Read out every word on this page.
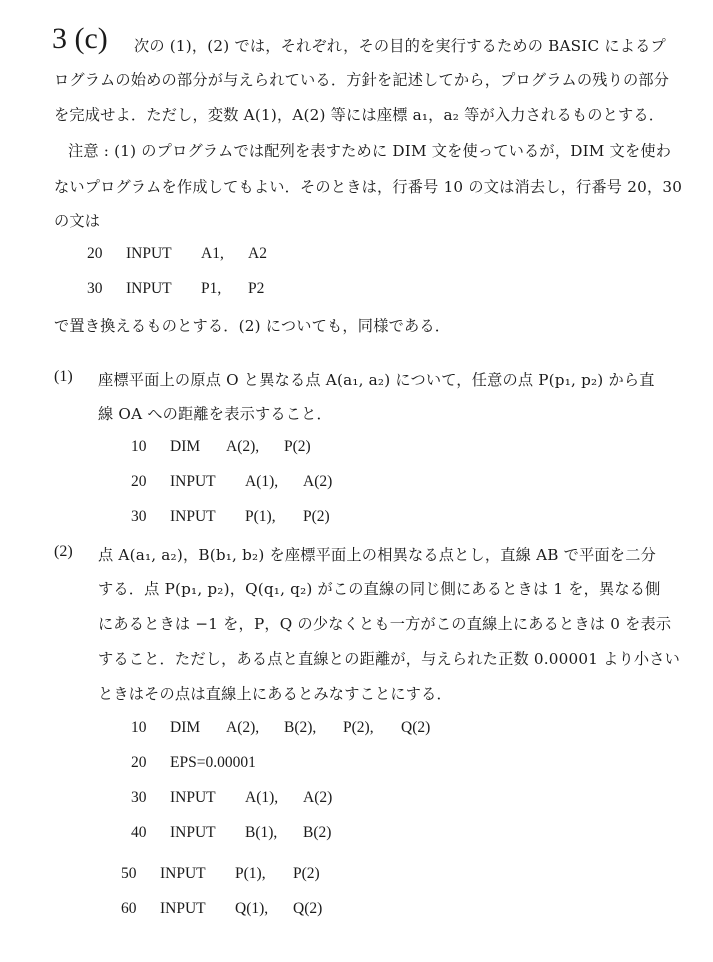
3 (c) 次の (1)，(2) では，それぞれ，その目的を実行するための BASIC によるプ
ログラムの始めの部分が与えられている．方針を記述してから，プログラムの残りの部分
を完成せよ．ただし，変数 A(1)，A(2) 等には座標 a₁，a₂ 等が入力されるものとする．
注意 : (1) のプログラムでは配列を表すために DIM 文を使っているが，DIM 文を使わ
ないプログラムを作成してもよい．そのときは，行番号 10 の文は消去し，行番号 20，30
の文は
20 INPUT A1, A2
30 INPUT P1, P2
で置き換えるものとする．(2) についても，同様である．
(1) 座標平面上の原点 O と異なる点 A(a₁, a₂) について，任意の点 P(p₁, p₂) から直
線 OA への距離を表示すること．
10 DIM A(2), P(2)
20 INPUT A(1), A(2)
30 INPUT P(1), P(2)
(2) 点 A(a₁, a₂)，B(b₁, b₂) を座標平面上の相異なる点とし，直線 AB で平面を二分
する．点 P(p₁, p₂)，Q(q₁, q₂) がこの直線の同じ側にあるときは 1 を，異なる側
にあるときは −1 を，P，Q の少なくとも一方がこの直線上にあるときは 0 を表示
すること．ただし，ある点と直線との距離が，与えられた正数 0.00001 より小さい
ときはその点は直線上にあるとみなすことにする．
10 DIM A(2), B(2), P(2), Q(2)
20 EPS=0.00001
30 INPUT A(1), A(2)
40 INPUT B(1), B(2)
50 INPUT P(1), P(2)
60 INPUT Q(1), Q(2)
